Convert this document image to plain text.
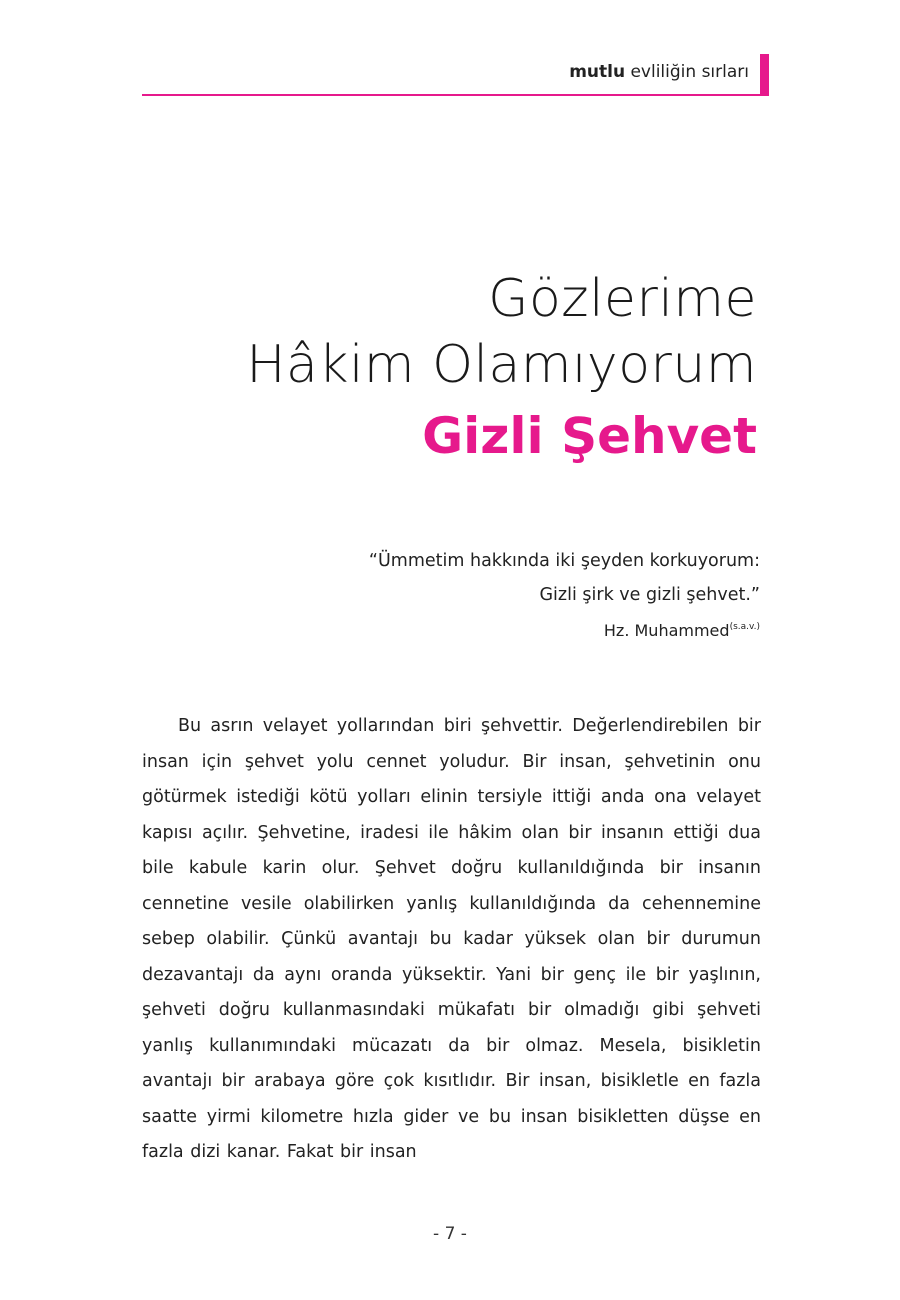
mutlu evliliğin sırları
Gözlerime
Hâkim Olamıyorum
Gizli Şehvet
“Ümmetim hakkında iki şeyden korkuyorum:
Gizli şirk ve gizli şehvet.”
Hz. Muhammed$^{(s.a.v.)}$

Bu asrın velayet yollarından biri şehvettir. Değerlendirebilen bir insan için şehvet yolu cennet yoludur. Bir insan, şehvetinin onu götürmek istediği kötü yolları elinin tersiyle ittiği anda ona velayet kapısı açılır. Şehvetine, iradesi ile hâkim olan bir insanın ettiği dua bile kabule karin olur. Şehvet doğru kullanıldığında bir insanın cennetine vesile olabilirken yanlış kullanıldığında da cehennemine sebep olabilir. Çünkü avantajı bu kadar yüksek olan bir durumun dezavantajı da aynı oranda yüksektir. Yani bir genç ile bir yaşlının, şehveti doğru kullanmasındaki mükafatı bir olmadığı gibi şehveti yanlış kullanımındaki mücazatı da bir olmaz. Mesela, bisikletin avantajı bir arabaya göre çok kısıtlıdır. Bir insan, bisikletle en fazla saatte yirmi kilometre hızla gider ve bu insan bisikletten düşse en fazla dizi kanar. Fakat bir insan

- 7 -
